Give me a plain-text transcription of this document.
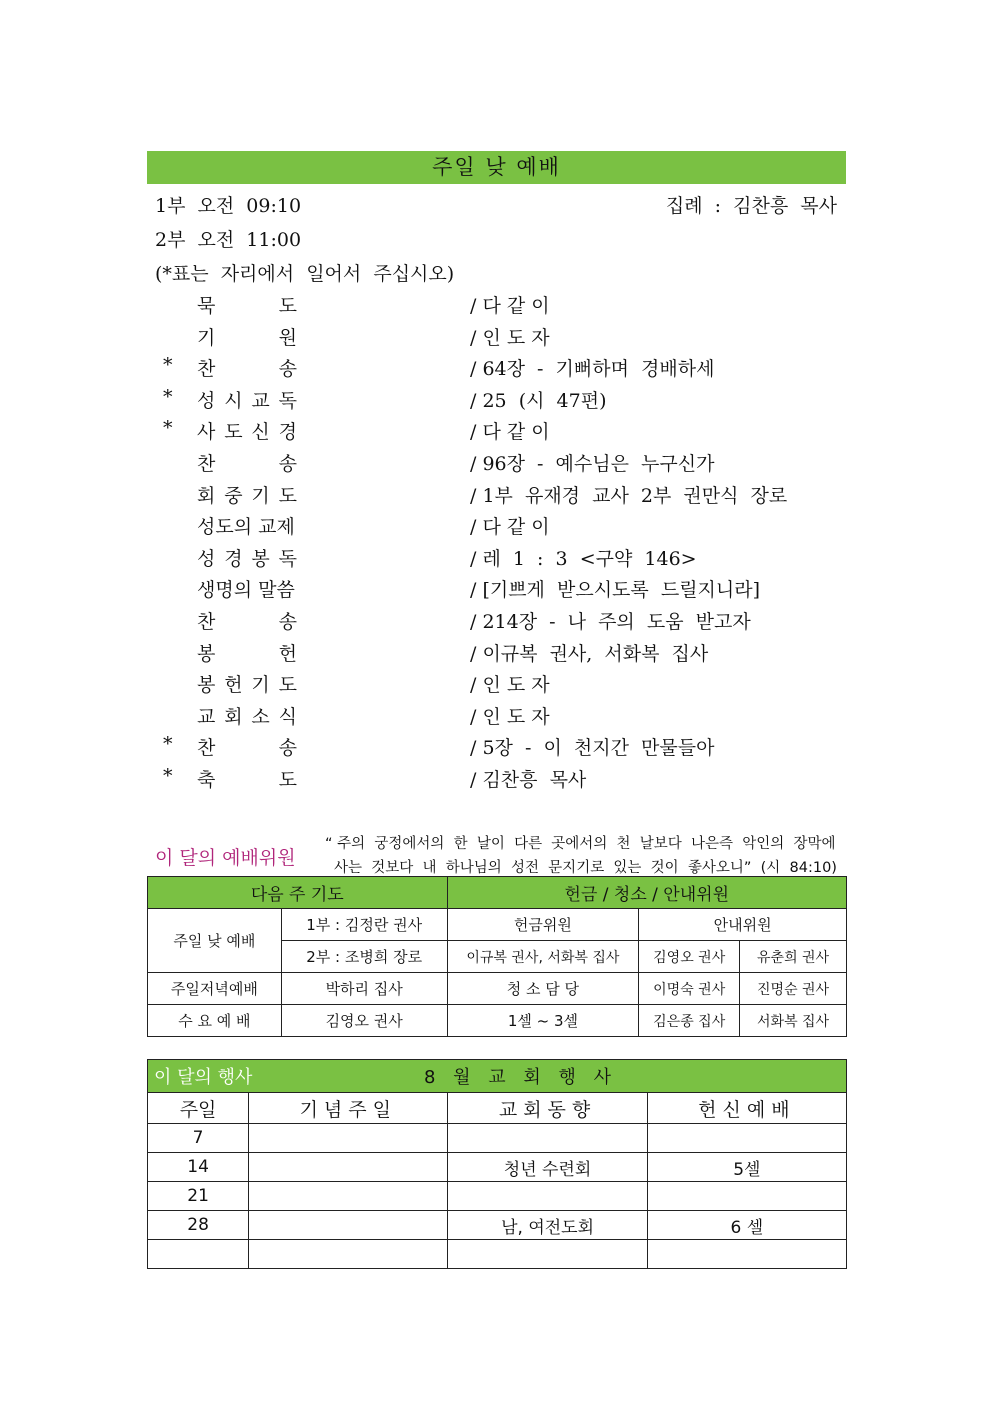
주일 낮 예배
1부  오전  09:10	집례  :  김찬흥  목사
2부  오전  11:00
(*표는  자리에서  일어서  주십시오)
묵	도	/ 다 같 이
기	원	/ 인 도 자
* 찬	송	/ 64장  -  기뻐하며  경배하세
* 성 시 교 독	/ 25  (시  47편)
* 사 도 신 경	/ 다 같 이
찬	송	/ 96장  -  예수님은  누구신가
회 중 기 도	/ 1부  유재경  교사  2부  권만식  장로
성도의 교제	/ 다 같 이
성 경 봉 독	/ 레  1  :  3  <구약  146>
생명의 말씀	/ [기쁘게  받으시도록  드릴지니라]
찬	송	/ 214장  -  나  주의  도움  받고자
봉	헌	/ 이규복  권사,  서화복  집사
봉 헌 기 도	/ 인 도 자
교 회 소 식	/ 인 도 자
* 찬	송	/ 5장  -  이  천지간  만물들아
* 축	도	/ 김찬흥  목사
이 달의 예배위원
“ 주의  궁정에서의  한  날이  다른  곳에서의  천  날보다  나은즉  악인의  장막에
사는  것보다  내  하나님의  성전  문지기로  있는  것이  좋사오니”  (시  84:10)
다음 주 기도		헌금 / 청소 / 안내위원		
주일 낮 예배	1부 : 김정란 권사	헌금위원	안내위원	
	2부 : 조병희 장로	이규복 권사, 서화복 집사	김영오 권사	유춘희 권사
주일저녁예배	박하리 집사	청 소 담 당	이명숙 권사	진명순 권사
수 요 예 배	김영오 권사	1셀 ~ 3셀	김은종 집사	서화복 집사
이 달의 행사 8 월 교 회 행 사			
주일	기념주일	교회동향	헌신예배
7			
14		청년 수련회	5셀
21			
28		남, 여전도회	6 셀
